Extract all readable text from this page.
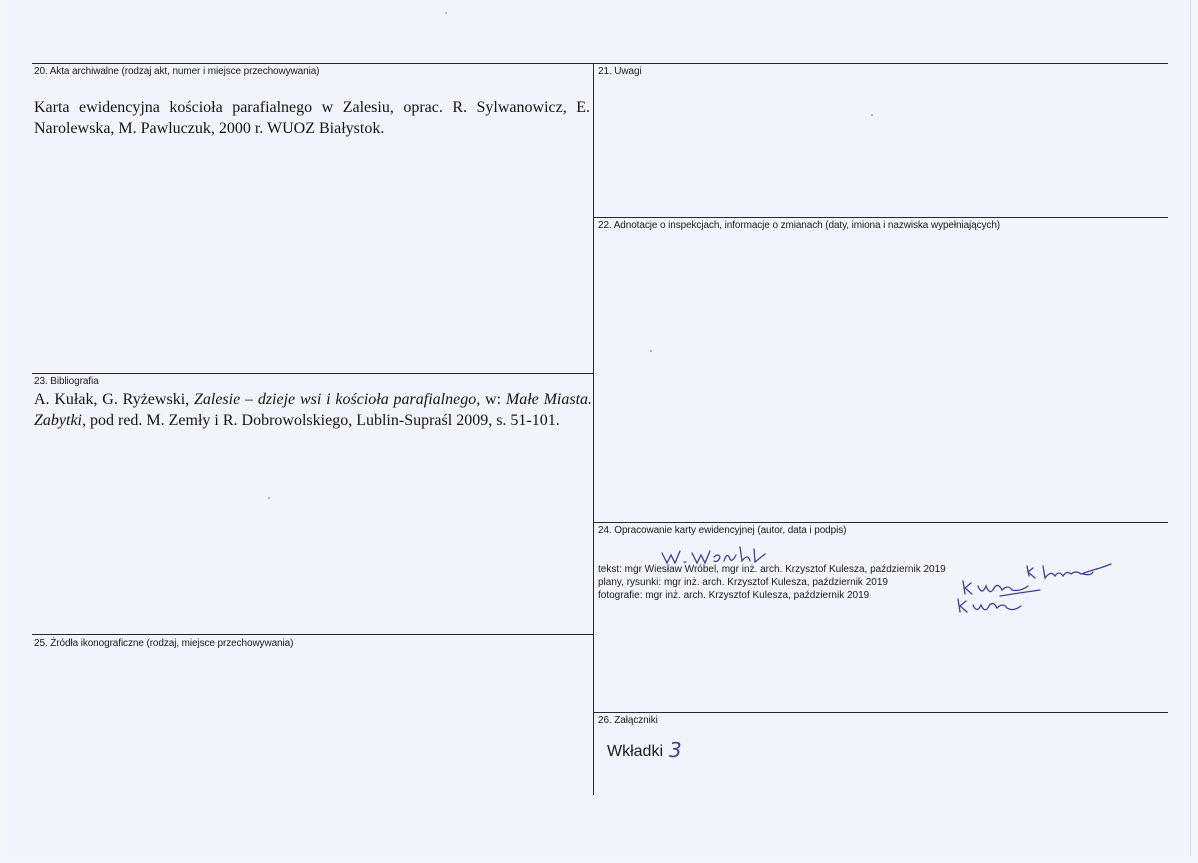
20. Akta archiwalne (rodzaj akt, numer i miejsce przechowywania)
Karta ewidencyjna kościoła parafialnego w Zalesiu, oprac. R. Sylwanowicz, E. Narolewska, M. Pawluczuk, 2000 r. WUOZ Białystok.
21. Uwagi
22. Adnotacje o inspekcjach, informacje o zmianach (daty, imiona i nazwiska wypełniających)
23. Bibliografia
A. Kułak, G. Ryżewski, Zalesie – dzieje wsi i kościoła parafialnego, w: Małe Miasta. Zabytki, pod red. M. Zemły i R. Dobrowolskiego, Lublin-Supraśl 2009, s. 51-101.
24. Opracowanie karty ewidencyjnej (autor, data i podpis)
tekst: mgr Wiesław Wróbel, mgr inż. arch. Krzysztof Kulesza, październik 2019
plany, rysunki: mgr inż. arch. Krzysztof Kulesza, październik 2019
fotografie: mgr inż. arch. Krzysztof Kulesza, październik 2019
25. Źródła ikonograficzne (rodzaj, miejsce przechowywania)
26. Załączniki
Wkładki 3
